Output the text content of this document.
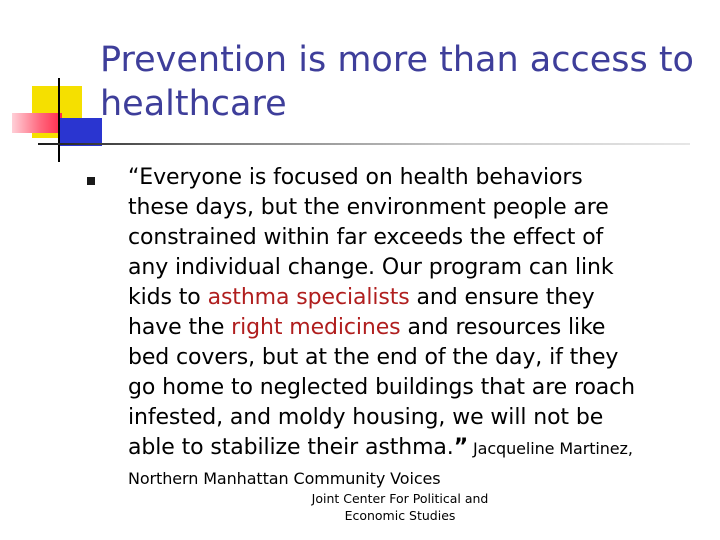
Prevention is more than access to
healthcare
“Everyone is focused on health behaviors
these days, but the environment people are
constrained within far exceeds the effect of
any individual change. Our program can link
kids to asthma specialists and ensure they
have the right medicines and resources like
bed covers, but at the end of the day, if they
go home to neglected buildings that are roach
infested, and moldy housing, we will not be
able to stabilize their asthma.” Jacqueline Martinez,
Northern Manhattan Community Voices
Joint Center For Political and
Economic Studies
